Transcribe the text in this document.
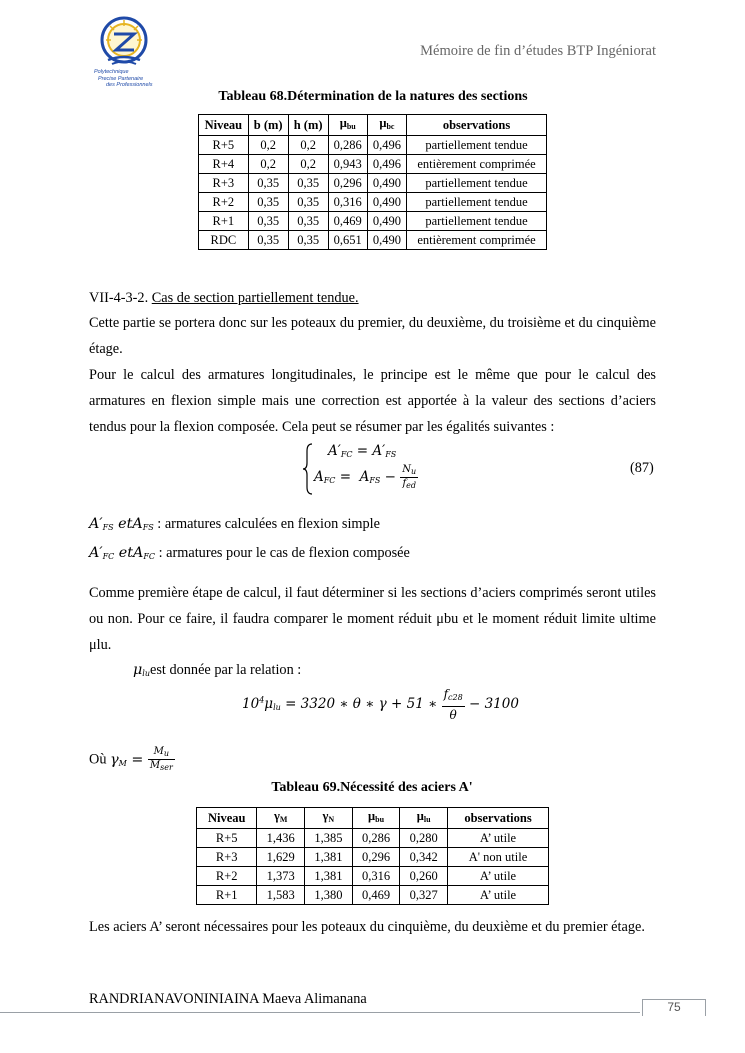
Polytechnique
Precise Partenaire
des Professionnels
Mémoire de fin d’études BTP Ingéniorat
Tableau 68.Détermination de la natures des sections
Niveau	b (m)	h (m)	$\mu_{bu}$	$\mu_{bc}$	observations
R+5	0,2	0,2	0,286	0,496	partiellement tendue
R+4	0,2	0,2	0,943	0,496	entièrement comprimée
R+3	0,35	0,35	0,296	0,490	partiellement tendue
R+2	0,35	0,35	0,316	0,490	partiellement tendue
R+1	0,35	0,35	0,469	0,490	partiellement tendue
RDC	0,35	0,35	0,651	0,490	entièrement comprimée
VII-4-3-2. Cas de section partiellement tendue.
Cette partie se portera donc sur les poteaux du premier, du deuxième, du troisième et du cinquième étage.
Pour le calcul des armatures longitudinales, le principe est le même que pour le calcul des armatures en flexion simple mais une correction est apportée à la valeur des sections d’aciers tendus pour la flexion composée. Cela peut se résumer par les égalités suivantes :
$A'_{FC} = A'_{FS}$
$A_{FC} = A_{FS} - \frac{N_u}{f_{ed}}$	(87)
$A'_{FS}$ etA$_{FS}$ : armatures calculées en flexion simple
$A'_{FC}$ etA$_{FC}$ : armatures pour le cas de flexion composée
Comme première étape de calcul, il faut déterminer si les sections d’aciers comprimés seront utiles ou non. Pour ce faire, il faudra comparer le moment réduit μbu et le moment réduit limite ultime μlu.
$\mu_{lu}est$ donnée par la relation :
$10^4\mu_{lu} = 3320$ ∗ θ ∗ γ + 51 ∗ $\frac{f_{c28}}{\theta} - 3100$
Où $\gamma_M = \frac{M_u}{M_{ser}}$
Tableau 69.Nécessité des aciers A'
Niveau	$\gamma_M$	$\gamma_N$	$\mu_{bu}$	$\mu_{lu}$	observations
R+5	1,436	1,385	0,286	0,280	A’ utile
R+3	1,629	1,381	0,296	0,342	A' non utile
R+2	1,373	1,381	0,316	0,260	A’ utile
R+1	1,583	1,380	0,469	0,327	A’ utile
Les aciers A’ seront nécessaires pour les poteaux du cinquième, du deuxième et du premier étage.
RANDRIANAVONINIAINA Maeva Alimanana	75
